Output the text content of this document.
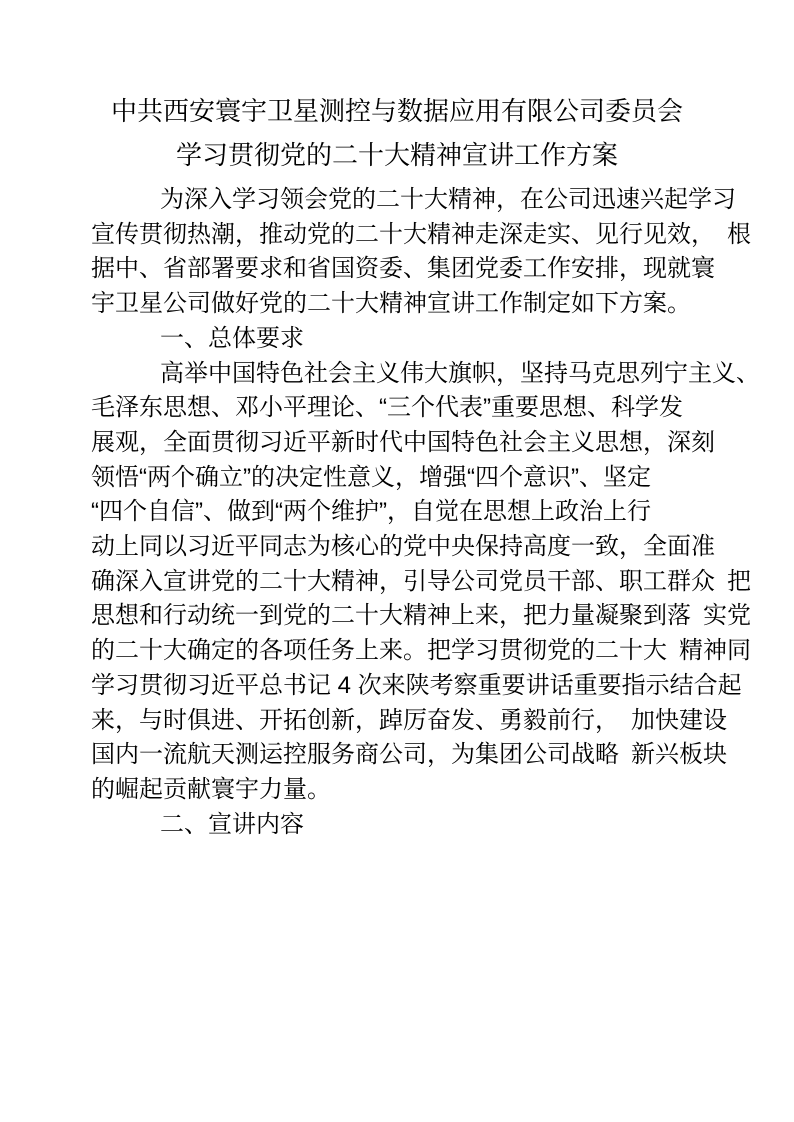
中共西安寰宇卫星测控与数据应用有限公司委员会
学习贯彻党的二十大精神宣讲工作方案
为深入学习领会党的二十大精神，在公司迅速兴起学习
宣传贯彻热潮，推动党的二十大精神走深走实、见行见效，　根
据中、省部署要求和省国资委、集团党委工作安排，现就寰
宇卫星公司做好党的二十大精神宣讲工作制定如下方案。
一、总体要求
高举中国特色社会主义伟大旗帜，坚持马克思列宁主义、
毛泽东思想、邓小平理论、“三个代表”重要思想、科学发
展观，全面贯彻习近平新时代中国特色社会主义思想，深刻
领悟“两个确立”的决定性意义，增强“四个意识”、坚定
“四个自信”、做到“两个维护”，自觉在思想上政治上行
动上同以习近平同志为核心的党中央保持高度一致，全面准
确深入宣讲党的二十大精神，引导公司党员干部、职工群众 把
思想和行动统一到党的二十大精神上来，把力量凝聚到落 实党
的二十大确定的各项任务上来。把学习贯彻党的二十大 精神同
学习贯彻习近平总书记 4 次来陕考察重要讲话重要指示结合起
来，与时俱进、开拓创新，踔厉奋发、勇毅前行，　加快建设
国内一流航天测运控服务商公司，为集团公司战略 新兴板块
的崛起贡献寰宇力量。
二、宣讲内容
